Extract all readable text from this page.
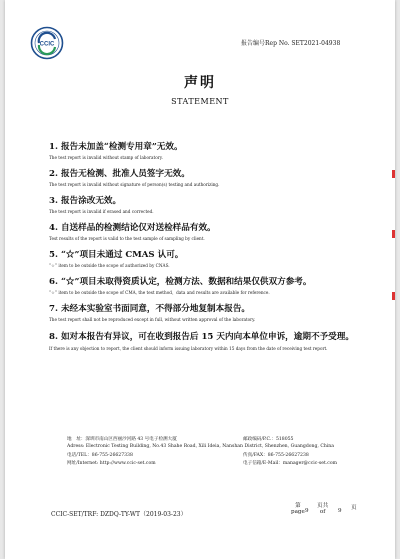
CCIC	报告编号Rep No. SET2021-04938
声明
STATEMENT
1. 报告未加盖“检测专用章”无效。
The test report is invalid without stamp of laboratory.
2. 报告无检测、批准人员签字无效。
The test report is invalid without signature of person(s) testing and authorizing.
3. 报告涂改无效。
The test report is invalid if erased and corrected.
4. 自送样品的检测结论仅对送检样品有效。
Test results of the report is valid to the test sample of sampling by client.
5. “☆”项目未通过 CMAS 认可。
“☆” item to be outside the scope of authorized by CNAS.
6. “☆”项目未取得资质认定，检测方法、数据和结果仅供双方参考。
“☆” item to be outside the scope of CMA, the test method、data and results are available for reference.
7. 未经本实验室书面同意，不得部分地复制本报告。
The test report shall not be reproduced except in full, without written approval of the laboratory.
8. 如对本报告有异议，可在收到报告后 15 天内向本单位申诉，逾期不予受理。
If there is any objection to report, the client should inform issuing laboratory within 15 days from the date of receiving test report.
地　址：深圳市南山区西丽沙河路 43 号电子检测大厦	邮政编码/P.C.：518055
Adress: Electronic Testing Building, No.43 Shahe Road, Xili Ideia, Nanshan District, Shenzhen, Guangdong, China
电话/TEL：86-755-26627338	传真/FAX：86-755-26627238
网址/Internet: http://www.ccic-set.com	电子信箱/E-Mail：manager@ccic-set.com
CCIC-SET/TRF: DZDQ-TY-WT（2019-03-23）
第
page 9
页共
of	9 页
